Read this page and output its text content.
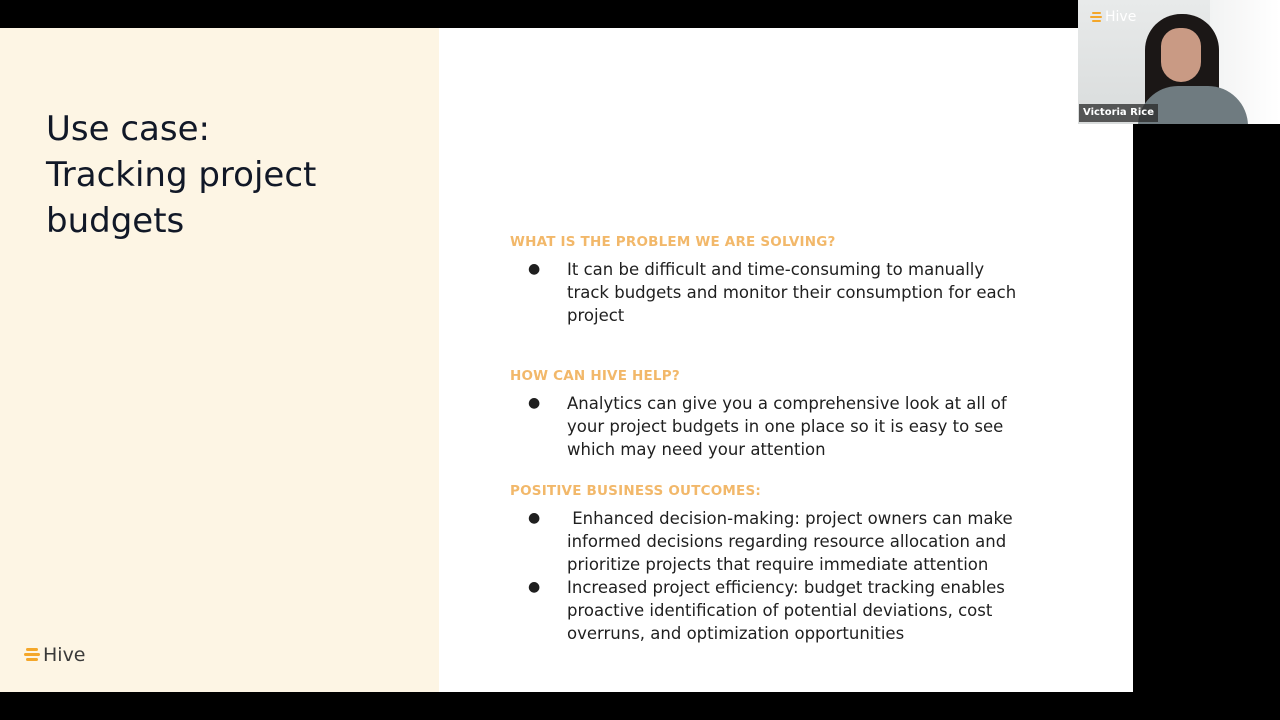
Use case:
Tracking project
budgets
Hive
WHAT IS THE PROBLEM WE ARE SOLVING?
● It can be difficult and time-consuming to manually track budgets and monitor their consumption for each project
HOW CAN HIVE HELP?
● Analytics can give you a comprehensive look at all of your project budgets in one place so it is easy to see which may need your attention
POSITIVE BUSINESS OUTCOMES:
● Enhanced decision-making: project owners can make informed decisions regarding resource allocation and prioritize projects that require immediate attention
● Increased project efficiency: budget tracking enables proactive identification of potential deviations, cost overruns, and optimization opportunities
Hive
Victoria Rice
